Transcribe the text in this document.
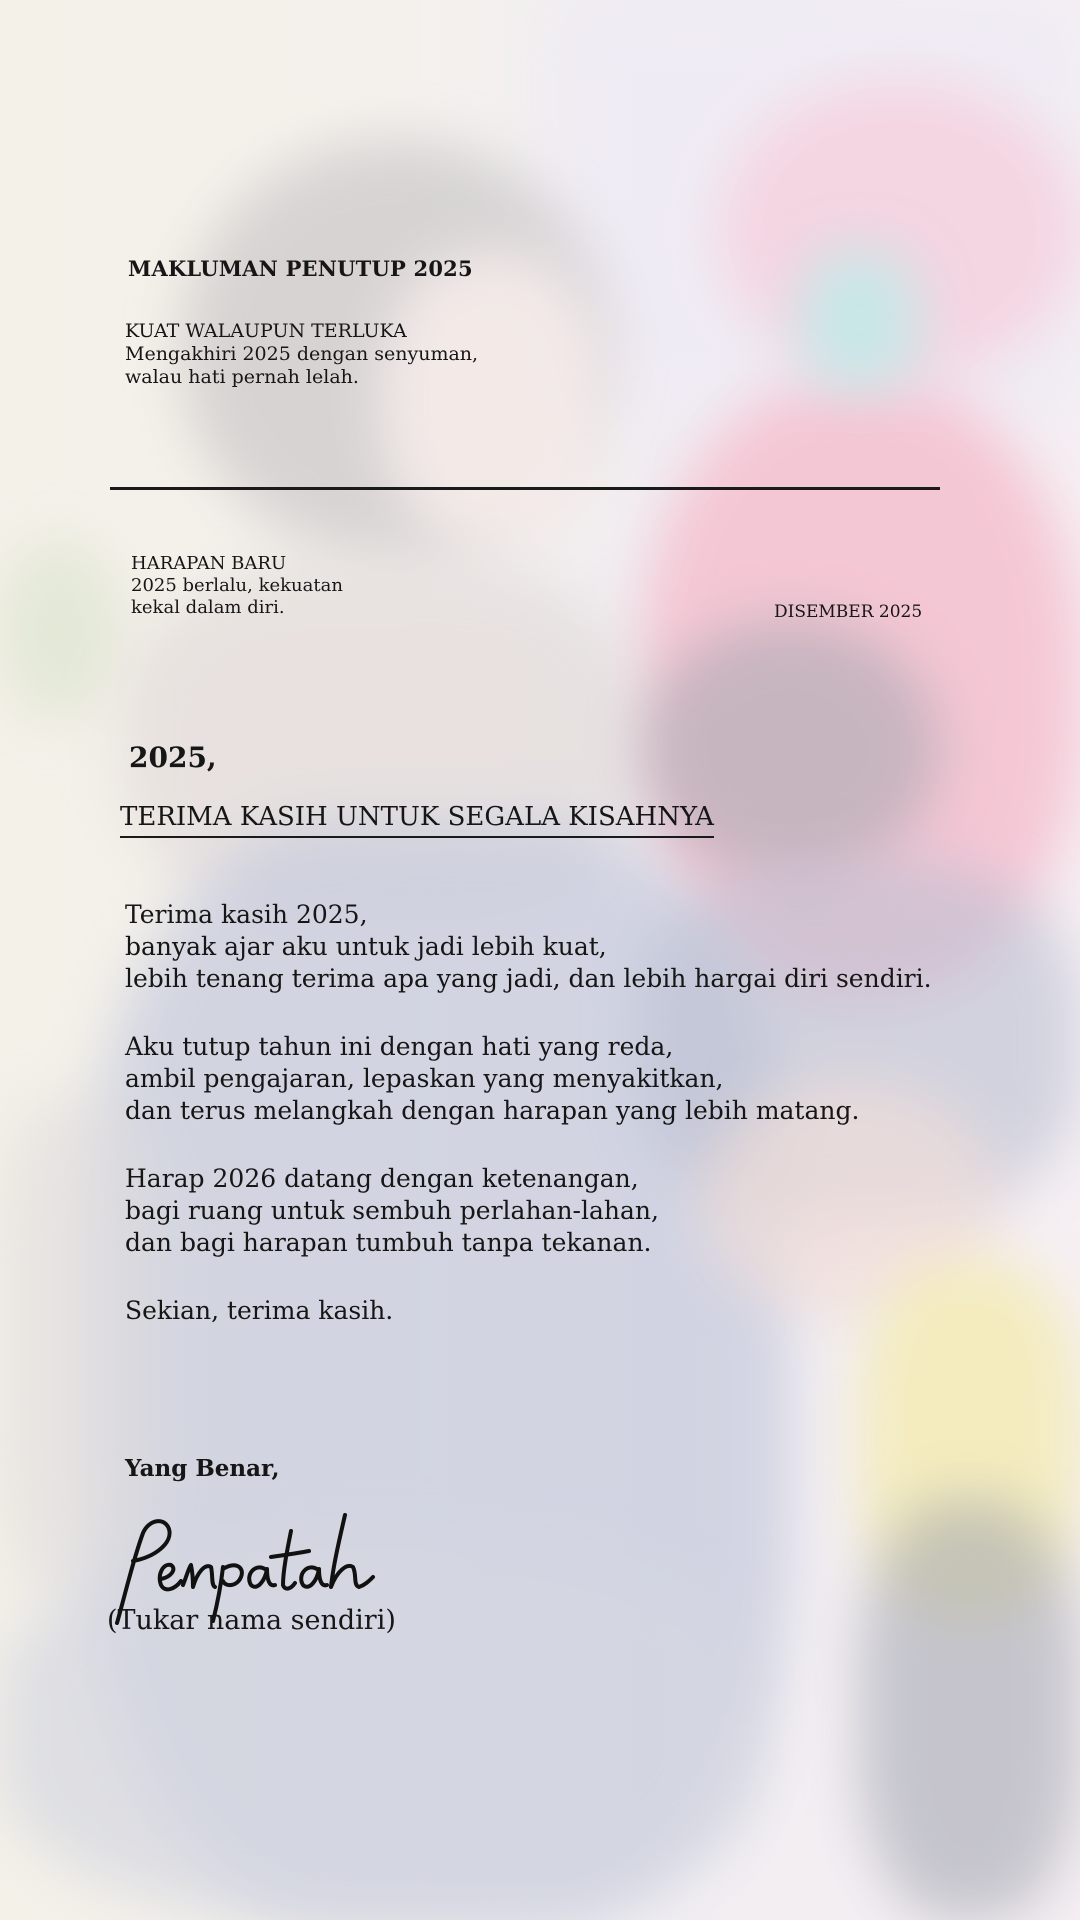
MAKLUMAN PENUTUP 2025
KUAT WALAUPUN TERLUKA
Mengakhiri 2025 dengan senyuman,
walau hati pernah lelah.
HARAPAN BARU
2025 berlalu, kekuatan
kekal dalam diri.	DISEMBER 2025
2025,
TERIMA KASIH UNTUK SEGALA KISAHNYA

Terima kasih 2025,
banyak ajar aku untuk jadi lebih kuat,
lebih tenang terima apa yang jadi, dan lebih hargai diri sendiri.

Aku tutup tahun ini dengan hati yang reda,
ambil pengajaran, lepaskan yang menyakitkan,
dan terus melangkah dengan harapan yang lebih matang.

Harap 2026 datang dengan ketenangan,
bagi ruang untuk sembuh perlahan-lahan,
dan bagi harapan tumbuh tanpa tekanan.

Sekian, terima kasih.

Yang Benar,
(Tukar nama sendiri)
